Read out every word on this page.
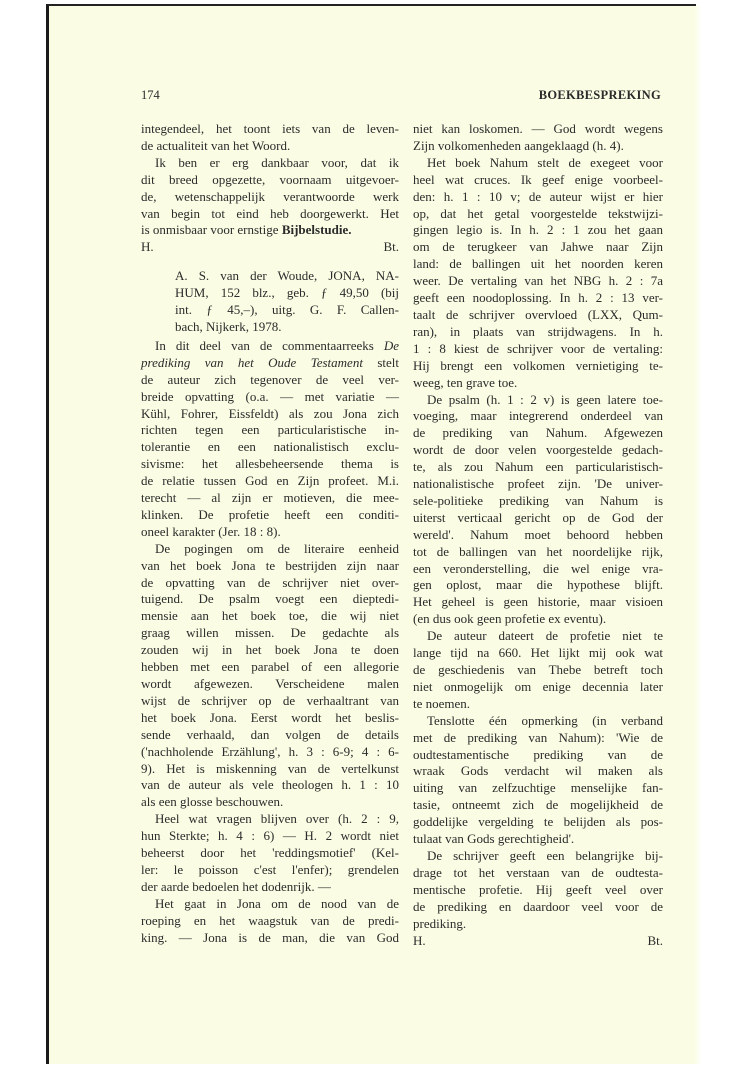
174	BOEKBESPREKING
integendeel, het toont iets van de leven-
de actualiteit van het Woord.
Ik ben er erg dankbaar voor, dat ik
dit breed opgezette, voornaam uitgevoer-
de, wetenschappelijk verantwoorde werk
van begin tot eind heb doorgewerkt. Het
is onmisbaar voor ernstige Bijbelstudie.
H.	Bt.
A. S. van der Woude, JONA, NA-
HUM, 152 blz., geb. ƒ 49,50 (bij
int. ƒ 45,–), uitg. G. F. Callen-
bach, Nijkerk, 1978.
In dit deel van de commentaarreeks De
prediking van het Oude Testament stelt
de auteur zich tegenover de veel ver-
breide opvatting (o.a. — met variatie —
Kühl, Fohrer, Eissfeldt) als zou Jona zich
richten tegen een particularistische in-
tolerantie en een nationalistisch exclu-
sivisme: het allesbeheersende thema is
de relatie tussen God en Zijn profeet. M.i.
terecht — al zijn er motieven, die mee-
klinken. De profetie heeft een conditi-
oneel karakter (Jer. 18 : 8).
De pogingen om de literaire eenheid
van het boek Jona te bestrijden zijn naar
de opvatting van de schrijver niet over-
tuigend. De psalm voegt een dieptedi-
mensie aan het boek toe, die wij niet
graag willen missen. De gedachte als
zouden wij in het boek Jona te doen
hebben met een parabel of een allegorie
wordt afgewezen. Verscheidene malen
wijst de schrijver op de verhaaltrant van
het boek Jona. Eerst wordt het beslis-
sende verhaald, dan volgen de details
('nachholende Erzählung', h. 3 : 6-9; 4 : 6-
9). Het is miskenning van de vertelkunst
van de auteur als vele theologen h. 1 : 10
als een glosse beschouwen.
Heel wat vragen blijven over (h. 2 : 9,
hun Sterkte; h. 4 : 6) — H. 2 wordt niet
beheerst door het 'reddingsmotief' (Kel-
ler: le poisson c'est l'enfer); grendelen
der aarde bedoelen het dodenrijk. —
Het gaat in Jona om de nood van de
roeping en het waagstuk van de predi-
king. — Jona is de man, die van God
niet kan loskomen. — God wordt wegens
Zijn volkomenheden aangeklaagd (h. 4).
Het boek Nahum stelt de exegeet voor
heel wat cruces. Ik geef enige voorbeel-
den: h. 1 : 10 v; de auteur wijst er hier
op, dat het getal voorgestelde tekstwijzi-
gingen legio is. In h. 2 : 1 zou het gaan
om de terugkeer van Jahwe naar Zijn
land: de ballingen uit het noorden keren
weer. De vertaling van het NBG h. 2 : 7a
geeft een noodoplossing. In h. 2 : 13 ver-
taalt de schrijver overvloed (LXX, Qum-
ran), in plaats van strijdwagens. In h.
1 : 8 kiest de schrijver voor de vertaling:
Hij brengt een volkomen vernietiging te-
weeg, ten grave toe.
De psalm (h. 1 : 2 v) is geen latere toe-
voeging, maar integrerend onderdeel van
de prediking van Nahum. Afgewezen
wordt de door velen voorgestelde gedach-
te, als zou Nahum een particularistisch-
nationalistische profeet zijn. 'De univer-
sele-politieke prediking van Nahum is
uiterst verticaal gericht op de God der
wereld'. Nahum moet behoord hebben
tot de ballingen van het noordelijke rijk,
een veronderstelling, die wel enige vra-
gen oplost, maar die hypothese blijft.
Het geheel is geen historie, maar visioen
(en dus ook geen profetie ex eventu).
De auteur dateert de profetie niet te
lange tijd na 660. Het lijkt mij ook wat
de geschiedenis van Thebe betreft toch
niet onmogelijk om enige decennia later
te noemen.
Tenslotte één opmerking (in verband
met de prediking van Nahum): 'Wie de
oudtestamentische prediking van de
wraak Gods verdacht wil maken als
uiting van zelfzuchtige menselijke fan-
tasie, ontneemt zich de mogelijkheid de
goddelijke vergelding te belijden als pos-
tulaat van Gods gerechtigheid'.
De schrijver geeft een belangrijke bij-
drage tot het verstaan van de oudtesta-
mentische profetie. Hij geeft veel over
de prediking en daardoor veel voor de
prediking.
H.	Bt.
